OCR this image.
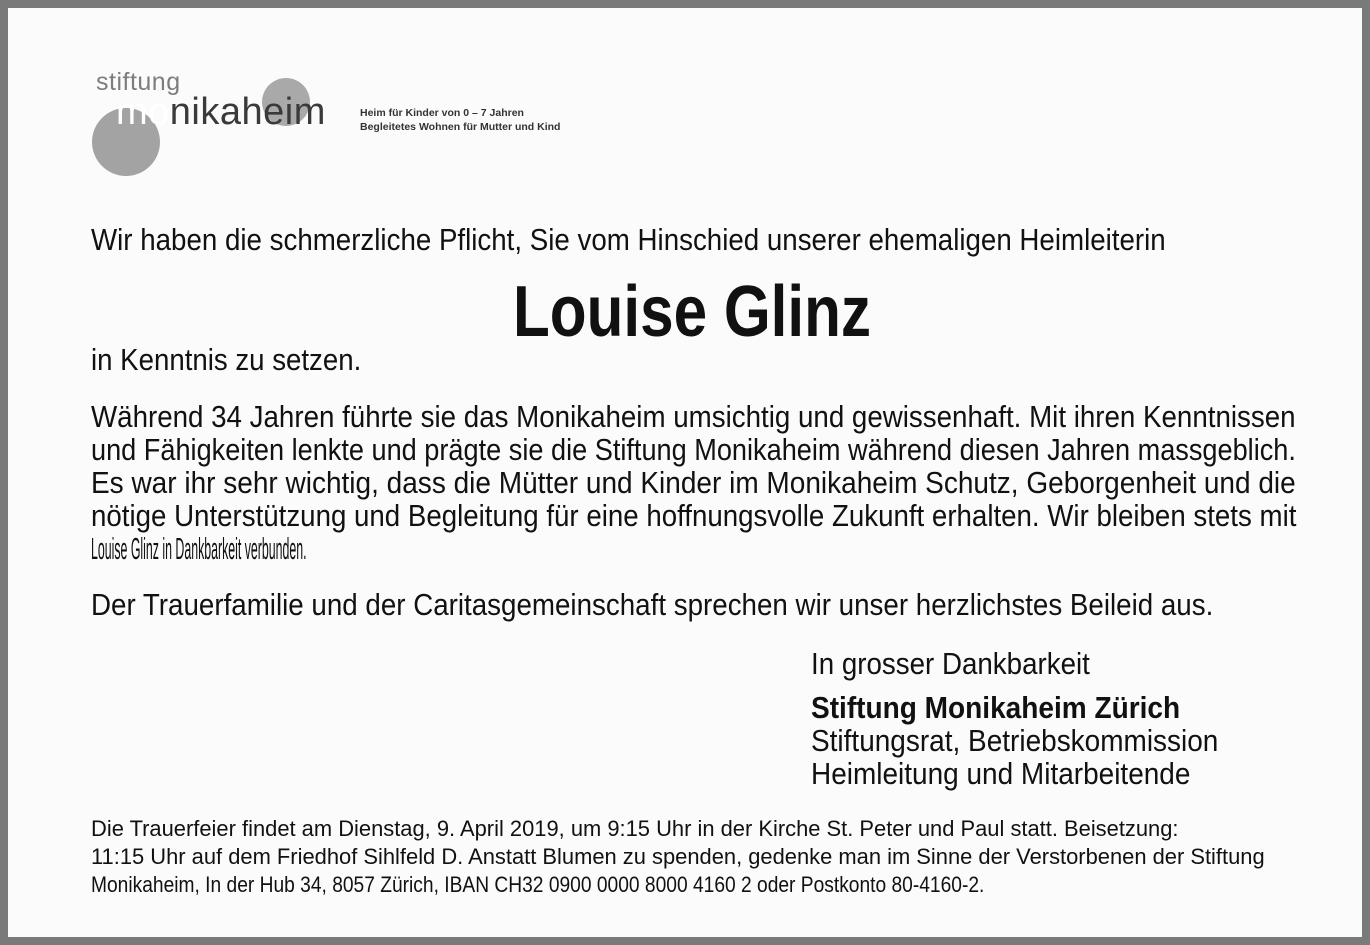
stiftung
monikaheim	Heim für Kinder von 0 – 7 Jahren
Begleitetes Wohnen für Mutter und Kind
Wir haben die schmerzliche Pflicht, Sie vom Hinschied unserer ehemaligen Heimleiterin
Louise Glinz
in Kenntnis zu setzen.
Während 34 Jahren führte sie das Monikaheim umsichtig und gewissenhaft. Mit ihren Kenntnissen
und Fähigkeiten lenkte und prägte sie die Stiftung Monikaheim während diesen Jahren massgeblich.
Es war ihr sehr wichtig, dass die Mütter und Kinder im Monikaheim Schutz, Geborgenheit und die
nötige Unterstützung und Begleitung für eine hoffnungsvolle Zukunft erhalten. Wir bleiben stets mit
Louise Glinz in Dankbarkeit verbunden.
Der Trauerfamilie und der Caritasgemeinschaft sprechen wir unser herzlichstes Beileid aus.
In grosser Dankbarkeit
Stiftung Monikaheim Zürich
Stiftungsrat, Betriebskommission
Heimleitung und Mitarbeitende
Die Trauerfeier findet am Dienstag, 9. April 2019, um 9:15 Uhr in der Kirche St. Peter und Paul statt. Beisetzung:
11:15 Uhr auf dem Friedhof Sihlfeld D. Anstatt Blumen zu spenden, gedenke man im Sinne der Verstorbenen der Stiftung
Monikaheim, In der Hub 34, 8057 Zürich, IBAN CH32 0900 0000 8000 4160 2 oder Postkonto 80-4160-2.
